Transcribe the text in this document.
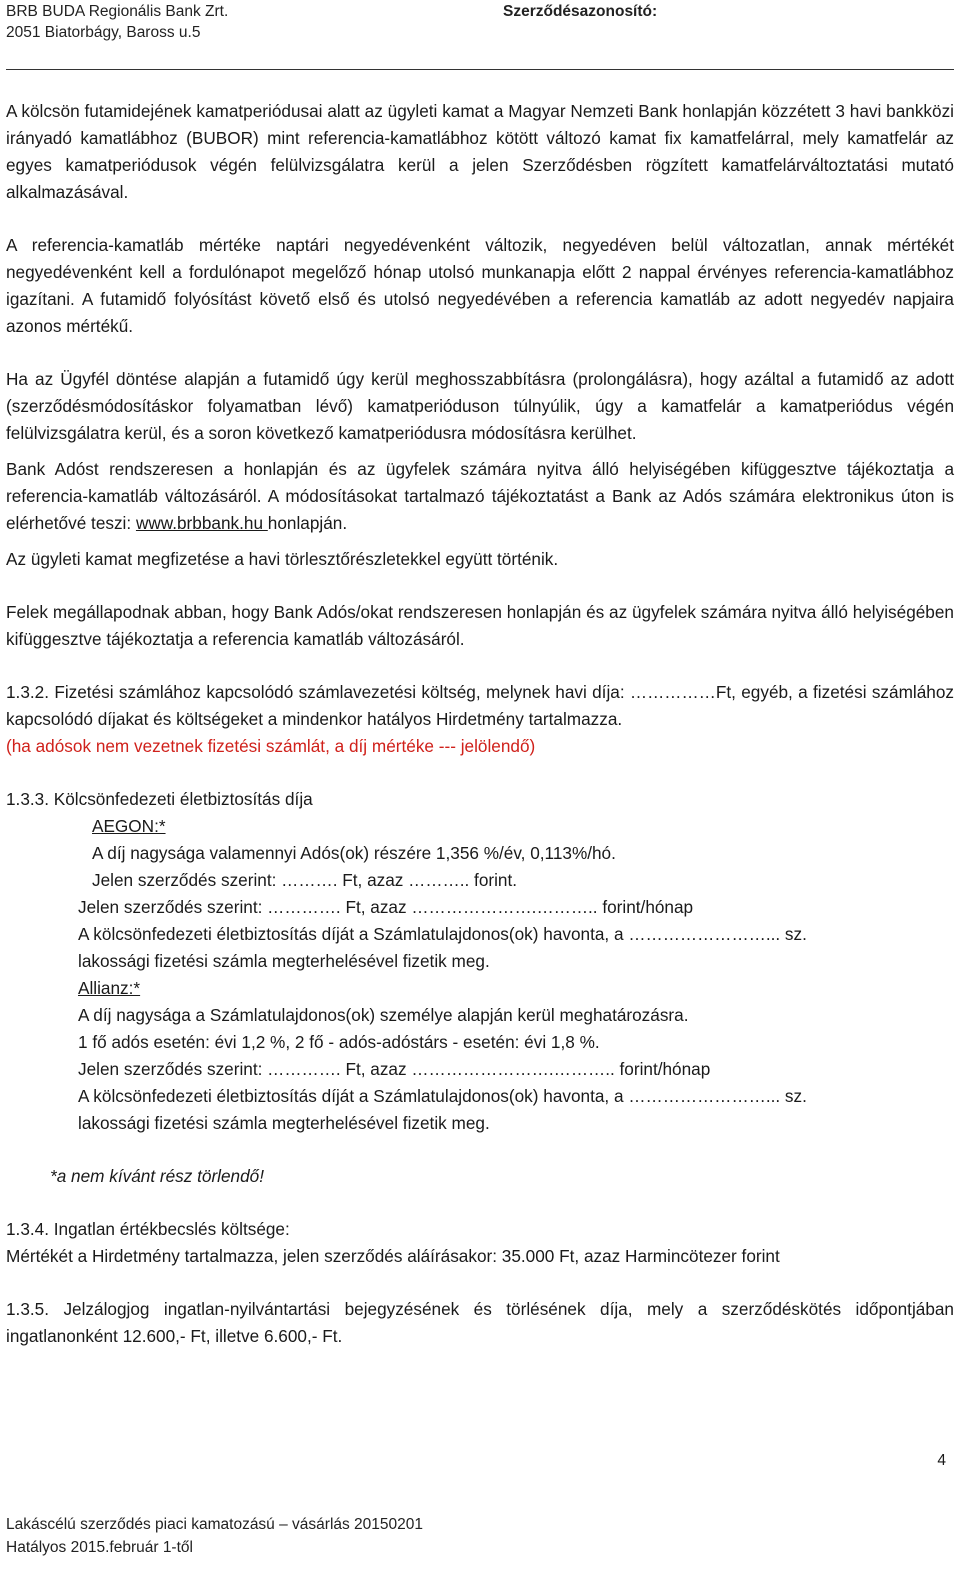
BRB BUDA Regionális Bank Zrt.
2051 Biatorbágy, Baross u.5
Szerződésazonosító:

A kölcsön futamidejének kamatperiódusai alatt az ügyleti kamat a Magyar Nemzeti Bank honlapján közzétett 3 havi bankközi irányadó kamatlábhoz (BUBOR) mint referencia-kamatlábhoz kötött változó kamat fix kamatfelárral, mely kamatfelár az egyes kamatperiódusok végén felülvizsgálatra kerül a jelen Szerződésben rögzített kamatfelárváltoztatási mutató alkalmazásával.

A referencia-kamatláb mértéke naptári negyedévenként változik, negyedéven belül változatlan, annak mértékét negyedévenként kell a fordulónapot megelőző hónap utolsó munkanapja előtt 2 nappal érvényes referencia-kamatlábhoz igazítani. A futamidő folyósítást követő első és utolsó negyedévében a referencia kamatláb az adott negyedév napjaira azonos mértékű.

Ha az Ügyfél döntése alapján a futamidő úgy kerül meghosszabbításra (prolongálásra), hogy azáltal a futamidő az adott (szerződésmódosításkor folyamatban lévő) kamatperióduson túlnyúlik, úgy a kamatfelár a kamatperiódus végén felülvizsgálatra kerül, és a soron következő kamatperiódusra módosításra kerülhet.

Bank Adóst rendszeresen a honlapján és az ügyfelek számára nyitva álló helyiségében kifüggesztve tájékoztatja a referencia-kamatláb változásáról. A módosításokat tartalmazó tájékoztatást a Bank az Adós számára elektronikus úton is elérhetővé teszi: www.brbbank.hu honlapján.

Az ügyleti kamat megfizetése a havi törlesztőrészletekkel együtt történik.

Felek megállapodnak abban, hogy Bank Adós/okat rendszeresen honlapján és az ügyfelek számára nyitva álló helyiségében kifüggesztve tájékoztatja a referencia kamatláb változásáról.

1.3.2. Fizetési számlához kapcsolódó számlavezetési költség, melynek havi díja: ……………Ft, egyéb, a fizetési számlához kapcsolódó díjakat és költségeket a mindenkor hatályos Hirdetmény tartalmazza.

(ha adósok nem vezetnek fizetési számlát, a díj mértéke --- jelölendő)

1.3.3. Kölcsönfedezeti életbiztosítás díja
AEGON:*
A díj nagysága valamennyi Adós(ok) részére 1,356 %/év, 0,113%/hó.
Jelen szerződés szerint: ………. Ft, azaz ……….. forint.
Jelen szerződés szerint: …………. Ft, azaz ………………….……….. forint/hónap
A kölcsönfedezeti életbiztosítás díját a Számlatulajdonos(ok) havonta, a ……………………... sz.
lakossági fizetési számla megterhelésével fizetik meg.
Allianz:*
A díj nagysága a Számlatulajdonos(ok) személye alapján kerül meghatározásra.
1 fő adós esetén: évi 1,2 %, 2 fő - adós-adóstárs - esetén: évi 1,8 %.
Jelen szerződés szerint: …………. Ft, azaz …………………….……….. forint/hónap
A kölcsönfedezeti életbiztosítás díját a Számlatulajdonos(ok) havonta, a ……………………... sz.
lakossági fizetési számla megterhelésével fizetik meg.
*a nem kívánt rész törlendő!
1.3.4. Ingatlan értékbecslés költsége:
Mértékét a Hirdetmény tartalmazza, jelen szerződés aláírásakor: 35.000 Ft, azaz Harmincötezer forint

1.3.5. Jelzálogjog ingatlan-nyilvántartási bejegyzésének és törlésének díja, mely a szerződéskötés időpontjában ingatlanonként 12.600,- Ft, illetve 6.600,- Ft.

4
Lakáscélú szerződés piaci kamatozású – vásárlás 20150201
Hatályos 2015.február 1-től
